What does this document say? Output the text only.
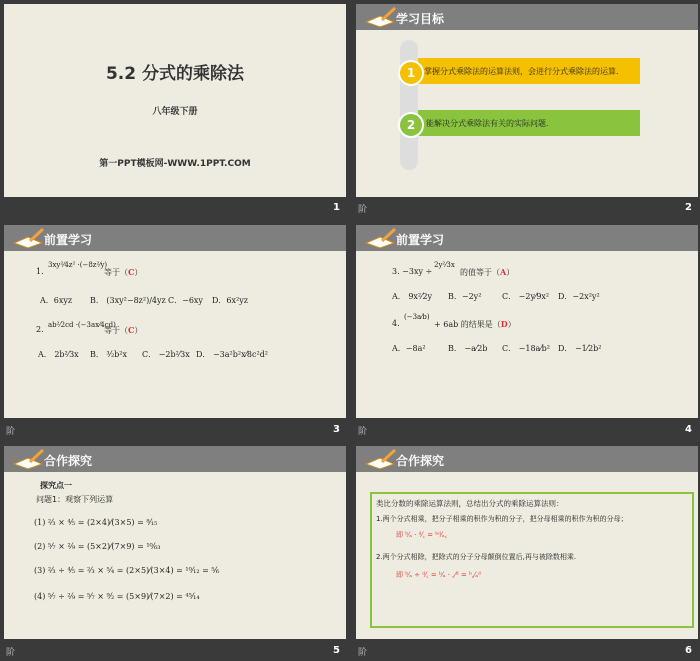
5.2 分式的乘除法
八年级下册
第一PPT模板网-WWW.1PPT.COM
1
学习目标
掌握分式乘除法的运算法则，会进行分式乘除法的运算.
1
能解决分式乘除法有关的实际问题.
2
阶	2
前置学习
1.
3xy²⁄4z² ·(−8z²⁄y)
等于（C）
A．6xyz B． (3xy²−8z²)/4yz C．−6xy D．6x²yz
2. ab²⁄2cd ·(−3ax⁄4cd)
等于（C）
A． 2b²⁄3x B． ³⁄₂b²x C． −2b²⁄3x D． −3a²b²x⁄8c²d²
阶	3
前置学习
3. −3xy ÷
2y²⁄3x
的值等于（A）
A． 9x²⁄2y B．−2y²	C． −2y⁄9x² D．−2x²y²
4.
(−3a⁄b)
+ 6ab 的结果是（D）
A．−8a²	B． −a⁄2b C． −18a⁄b² D． −1⁄2b²
阶	4
合作探究
探究点一
问题1：观察下列运算
(1) ²⁄₃ × ⁴⁄₅ = (2×4)⁄(3×5) = ⁸⁄₁₅
(2) ⁵⁄₇ × ²⁄₉ = (5×2)⁄(7×9) = ¹⁰⁄₆₃
(3) ²⁄₃ ÷ ⁴⁄₅ = ²⁄₃ × ⁵⁄₄ = (2×5)⁄(3×4) = ¹⁰⁄₁₂ = ⁵⁄₆
(4) ⁵⁄₇ ÷ ²⁄₉ = ⁵⁄₇ × ⁹⁄₂ = (5×9)⁄(7×2) = ⁴⁵⁄₁₄
阶	5
合作探究
类比分数的乘除运算法则，总结出分式的乘除运算法则：
1.两个分式相乘，把分子相乘的积作为积的分子，把分母相乘的积作为积的分母；
即 ᵇ⁄ₐ · ᵈ⁄꜀ = ᵇᵈ⁄ₐ꜀
2.两个分式相除，把除式的分子分母颠倒位置后,再与被除数相乘.
即 ᵇ⁄ₐ ÷ ᵈ⁄꜀ = ᵇ⁄ₐ · ꜀⁄ᵈ = ᵇ꜀⁄ₐᵈ
阶	6
